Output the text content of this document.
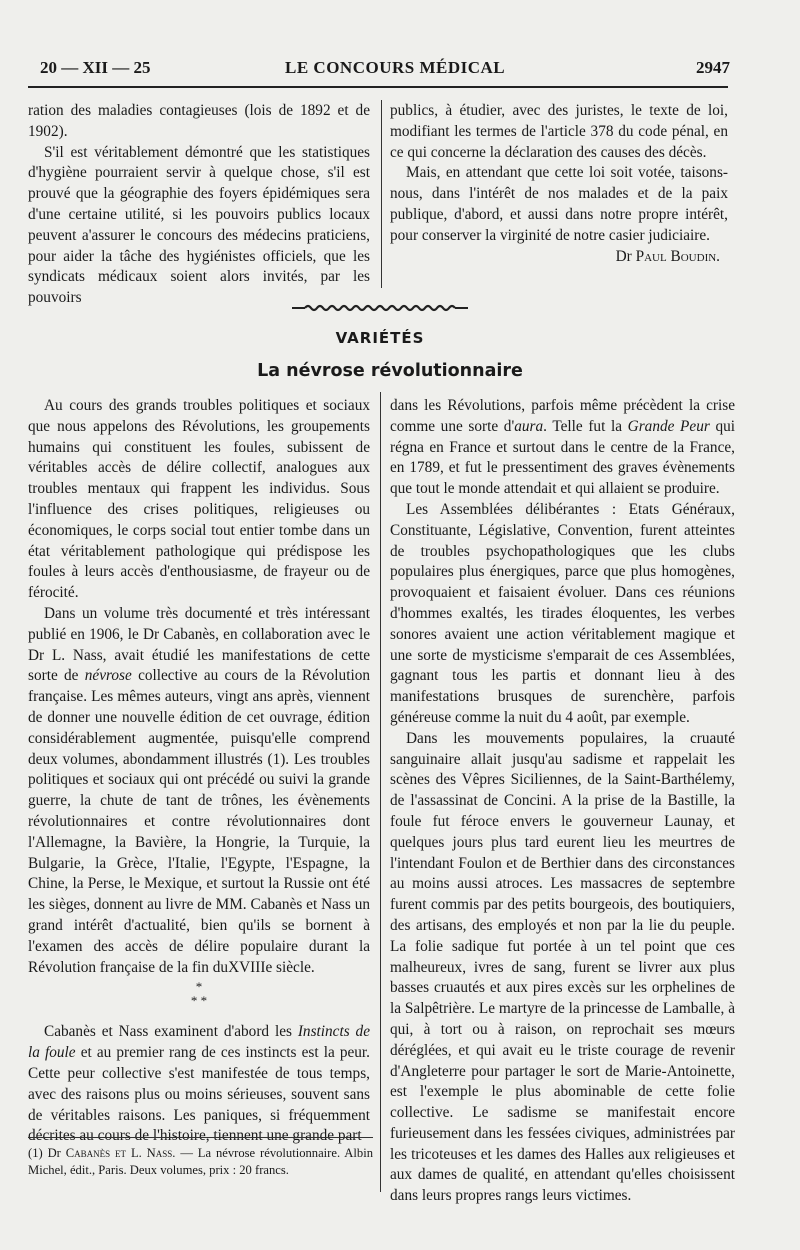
20 — XII — 25	LE CONCOURS MÉDICAL	2947

ration des maladies contagieuses (lois de 1892 et de 1902).

S'il est véritablement démontré que les statistiques d'hygiène pourraient servir à quelque chose, s'il est prouvé que la géographie des foyers épidémiques sera d'une certaine utilité, si les pouvoirs publics locaux peuvent a'assurer le concours des médecins praticiens, pour aider la tâche des hygiénistes officiels, que les syndicats médicaux soient alors invités, par les pouvoirs

publics, à étudier, avec des juristes, le texte de loi, modifiant les termes de l'article 378 du code pénal, en ce qui concerne la déclaration des causes des décès.

Mais, en attendant que cette loi soit votée, taisons-nous, dans l'intérêt de nos malades et de la paix publique, d'abord, et aussi dans notre propre intérêt, pour conserver la virginité de notre casier judiciaire.

Dr Paul Boudin.

VARIÉTÉS
La névrose révolutionnaire

Au cours des grands troubles politiques et sociaux que nous appelons des Révolutions, les groupements humains qui constituent les foules, subissent de véritables accès de délire collectif, analogues aux troubles mentaux qui frappent les individus. Sous l'influence des crises politiques, religieuses ou économiques, le corps social tout entier tombe dans un état véritablement pathologique qui prédispose les foules à leurs accès d'enthousiasme, de frayeur ou de férocité.

Dans un volume très documenté et très intéressant publié en 1906, le Dr Cabanès, en collaboration avec le Dr L. Nass, avait étudié les manifestations de cette sorte de névrose collective au cours de la Révolution française. Les mêmes auteurs, vingt ans après, viennent de donner une nouvelle édition de cet ouvrage, édition considérablement augmentée, puisqu'elle comprend deux volumes, abondamment illustrés (1). Les troubles politiques et sociaux qui ont précédé ou suivi la grande guerre, la chute de tant de trônes, les évènements révolutionnaires et contre révolutionnaires dont l'Allemagne, la Bavière, la Hongrie, la Turquie, la Bulgarie, la Grèce, l'Italie, l'Egypte, l'Espagne, la Chine, la Perse, le Mexique, et surtout la Russie ont été les sièges, donnent au livre de MM. Cabanès et Nass un grand intérêt d'actualité, bien qu'ils se bornent à l'examen des accès de délire populaire durant la Révolution française de la fin duXVIIIe siècle.

*
* *

Cabanès et Nass examinent d'abord les Instincts de la foule et au premier rang de ces instincts est la peur. Cette peur collective s'est manifestée de tous temps, avec des raisons plus ou moins sérieuses, souvent sans de véritables raisons. Les paniques, si fréquemment décrites au cours de l'histoire, tiennent une grande part

dans les Révolutions, parfois même précèdent la crise comme une sorte d'aura. Telle fut la Grande Peur qui régna en France et surtout dans le centre de la France, en 1789, et fut le pressentiment des graves évènements que tout le monde attendait et qui allaient se produire.

Les Assemblées délibérantes : Etats Généraux, Constituante, Législative, Convention, furent atteintes de troubles psychopathologiques que les clubs populaires plus énergiques, parce que plus homogènes, provoquaient et faisaient évoluer. Dans ces réunions d'hommes exaltés, les tirades éloquentes, les verbes sonores avaient une action véritablement magique et une sorte de mysticisme s'emparait de ces Assemblées, gagnant tous les partis et donnant lieu à des manifestations brusques de surenchère, parfois généreuse comme la nuit du 4 août, par exemple.

Dans les mouvements populaires, la cruauté sanguinaire allait jusqu'au sadisme et rappelait les scènes des Vêpres Siciliennes, de la Saint-Barthélemy, de l'assassinat de Concini. A la prise de la Bastille, la foule fut féroce envers le gouverneur Launay, et quelques jours plus tard eurent lieu les meurtres de l'intendant Foulon et de Berthier dans des circonstances au moins aussi atroces. Les massacres de septembre furent commis par des petits bourgeois, des boutiquiers, des artisans, des employés et non par la lie du peuple. La folie sadique fut portée à un tel point que ces malheureux, ivres de sang, furent se livrer aux plus basses cruautés et aux pires excès sur les orphelines de la Salpêtrière. Le martyre de la princesse de Lamballe, à qui, à tort ou à raison, on reprochait ses mœurs déréglées, et qui avait eu le triste courage de revenir d'Angleterre pour partager le sort de Marie-Antoinette, est l'exemple le plus abominable de cette folie collective. Le sadisme se manifestait encore furieusement dans les fessées civiques, administrées par les tricoteuses et les dames des Halles aux religieuses et aux dames de qualité, en attendant qu'elles choisissent dans leurs propres rangs leurs victimes.

(1) Dr Cabanès et L. Nass. — La névrose révolutionnaire. Albin Michel, édit., Paris. Deux volumes, prix : 20 francs.
